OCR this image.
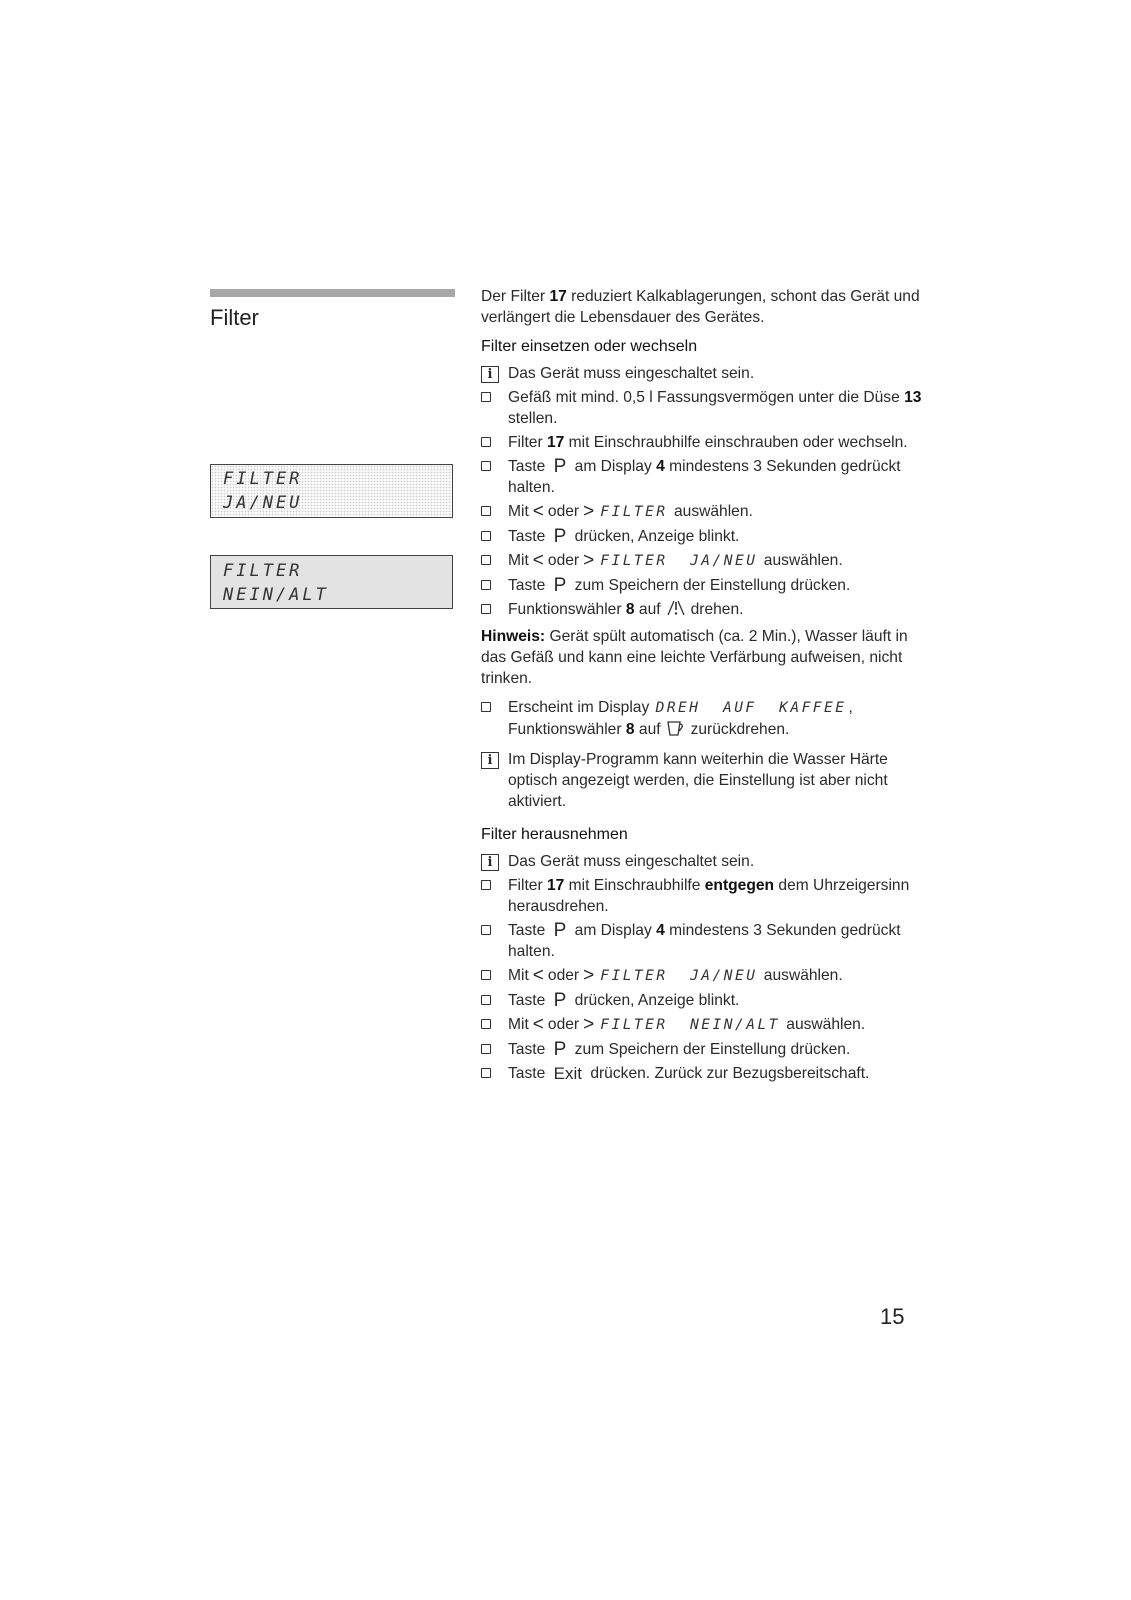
Filter
FILTER
JA/NEU
FILTER
NEIN/ALT

Der Filter 17 reduziert Kalkablagerungen, schont das Gerät und verlängert die Lebensdauer des Gerätes.

Filter einsetzen oder wechseln
i Das Gerät muss eingeschaltet sein.
Gefäß mit mind. 0,5 l Fassungsvermögen unter die Düse 13 stellen.
Filter 17 mit Einschraubhilfe einschrauben oder wechseln.
Taste P am Display 4 mindestens 3 Sekunden gedrückt halten.
Mit < oder > FILTER auswählen.
Taste P drücken, Anzeige blinkt.
Mit < oder > FILTER  JA/NEU auswählen.
Taste P zum Speichern der Einstellung drücken.
Funktionswähler 8 auf drehen.

Hinweis: Gerät spült automatisch (ca. 2 Min.), Wasser läuft in das Gefäß und kann eine leichte Verfärbung aufweisen, nicht trinken.

Erscheint im Display DREH  AUF  KAFFEE ,
Funktionswähler 8 auf zurückdrehen.
i Im Display-Programm kann weiterhin die Wasser Härte optisch angezeigt werden, die Einstellung ist aber nicht aktiviert.
Filter herausnehmen
i Das Gerät muss eingeschaltet sein.
Filter 17 mit Einschraubhilfe entgegen dem Uhrzeigersinn herausdrehen.
Taste P am Display 4 mindestens 3 Sekunden gedrückt halten.
Mit < oder > FILTER  JA/NEU auswählen.
Taste P drücken, Anzeige blinkt.
Mit < oder > FILTER  NEIN/ALT auswählen.
Taste P zum Speichern der Einstellung drücken.
Taste Exit drücken. Zurück zur Bezugsbereitschaft.
15
